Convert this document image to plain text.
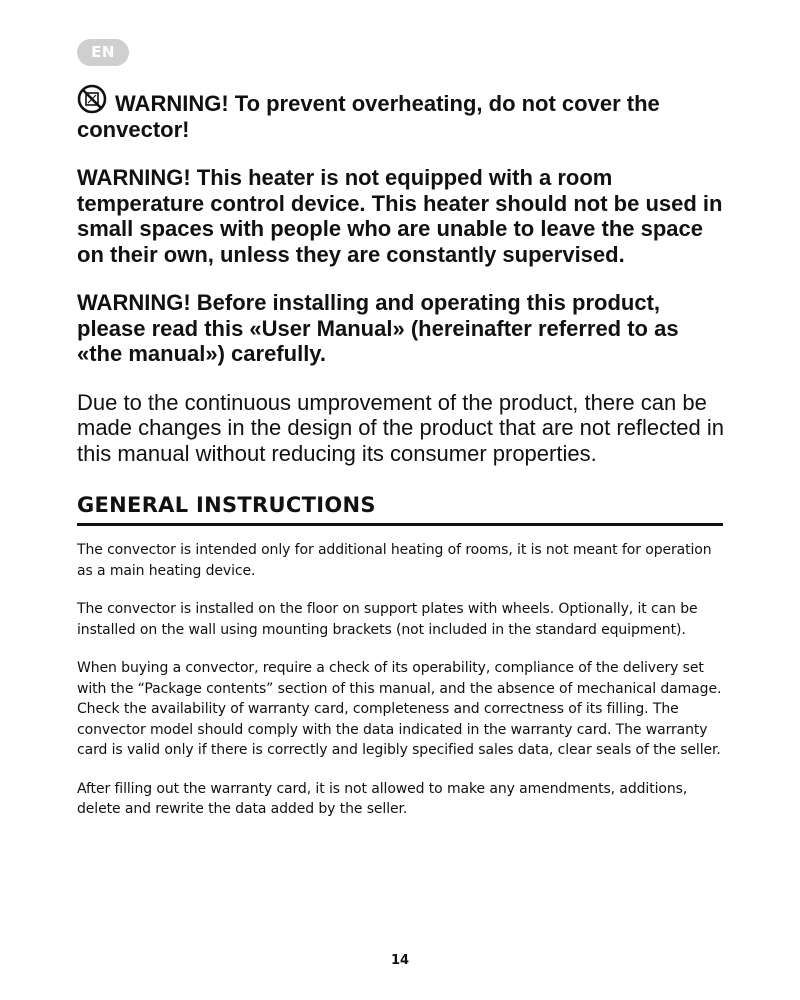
EN

WARNING! To prevent overheating, do not cover the convector!

WARNING! This heater is not equipped with a room temperature control device. This heater should not be used in small spaces with people who are unable to leave the space on their own, unless they are constantly supervised.

WARNING! Before installing and operating this product, please read this «User Manual» (hereinafter referred to as «the manual») carefully.

Due to the continuous umprovement of the product, there can be made changes in the design of the product that are not reflected in this manual without reducing its consumer properties.

GENERAL INSTRUCTIONS

The convector is intended only for additional heating of rooms, it is not meant for operation as a main heating device.

The convector is installed on the floor on support plates with wheels. Optionally, it can be installed on the wall using mounting brackets (not included in the standard equipment).

When buying a convector, require a check of its operability, compliance of the delivery set with the “Package contents” section of this manual, and the absence of mechanical damage. Check the availability of warranty card, completeness and correctness of its filling. The convector model should comply with the data indicated in the warranty card. The warranty card is valid only if there is correctly and legibly specified sales data, clear seals of the seller.

After filling out the warranty card, it is not allowed to make any amendments, additions, delete and rewrite the data added by the seller.

14
